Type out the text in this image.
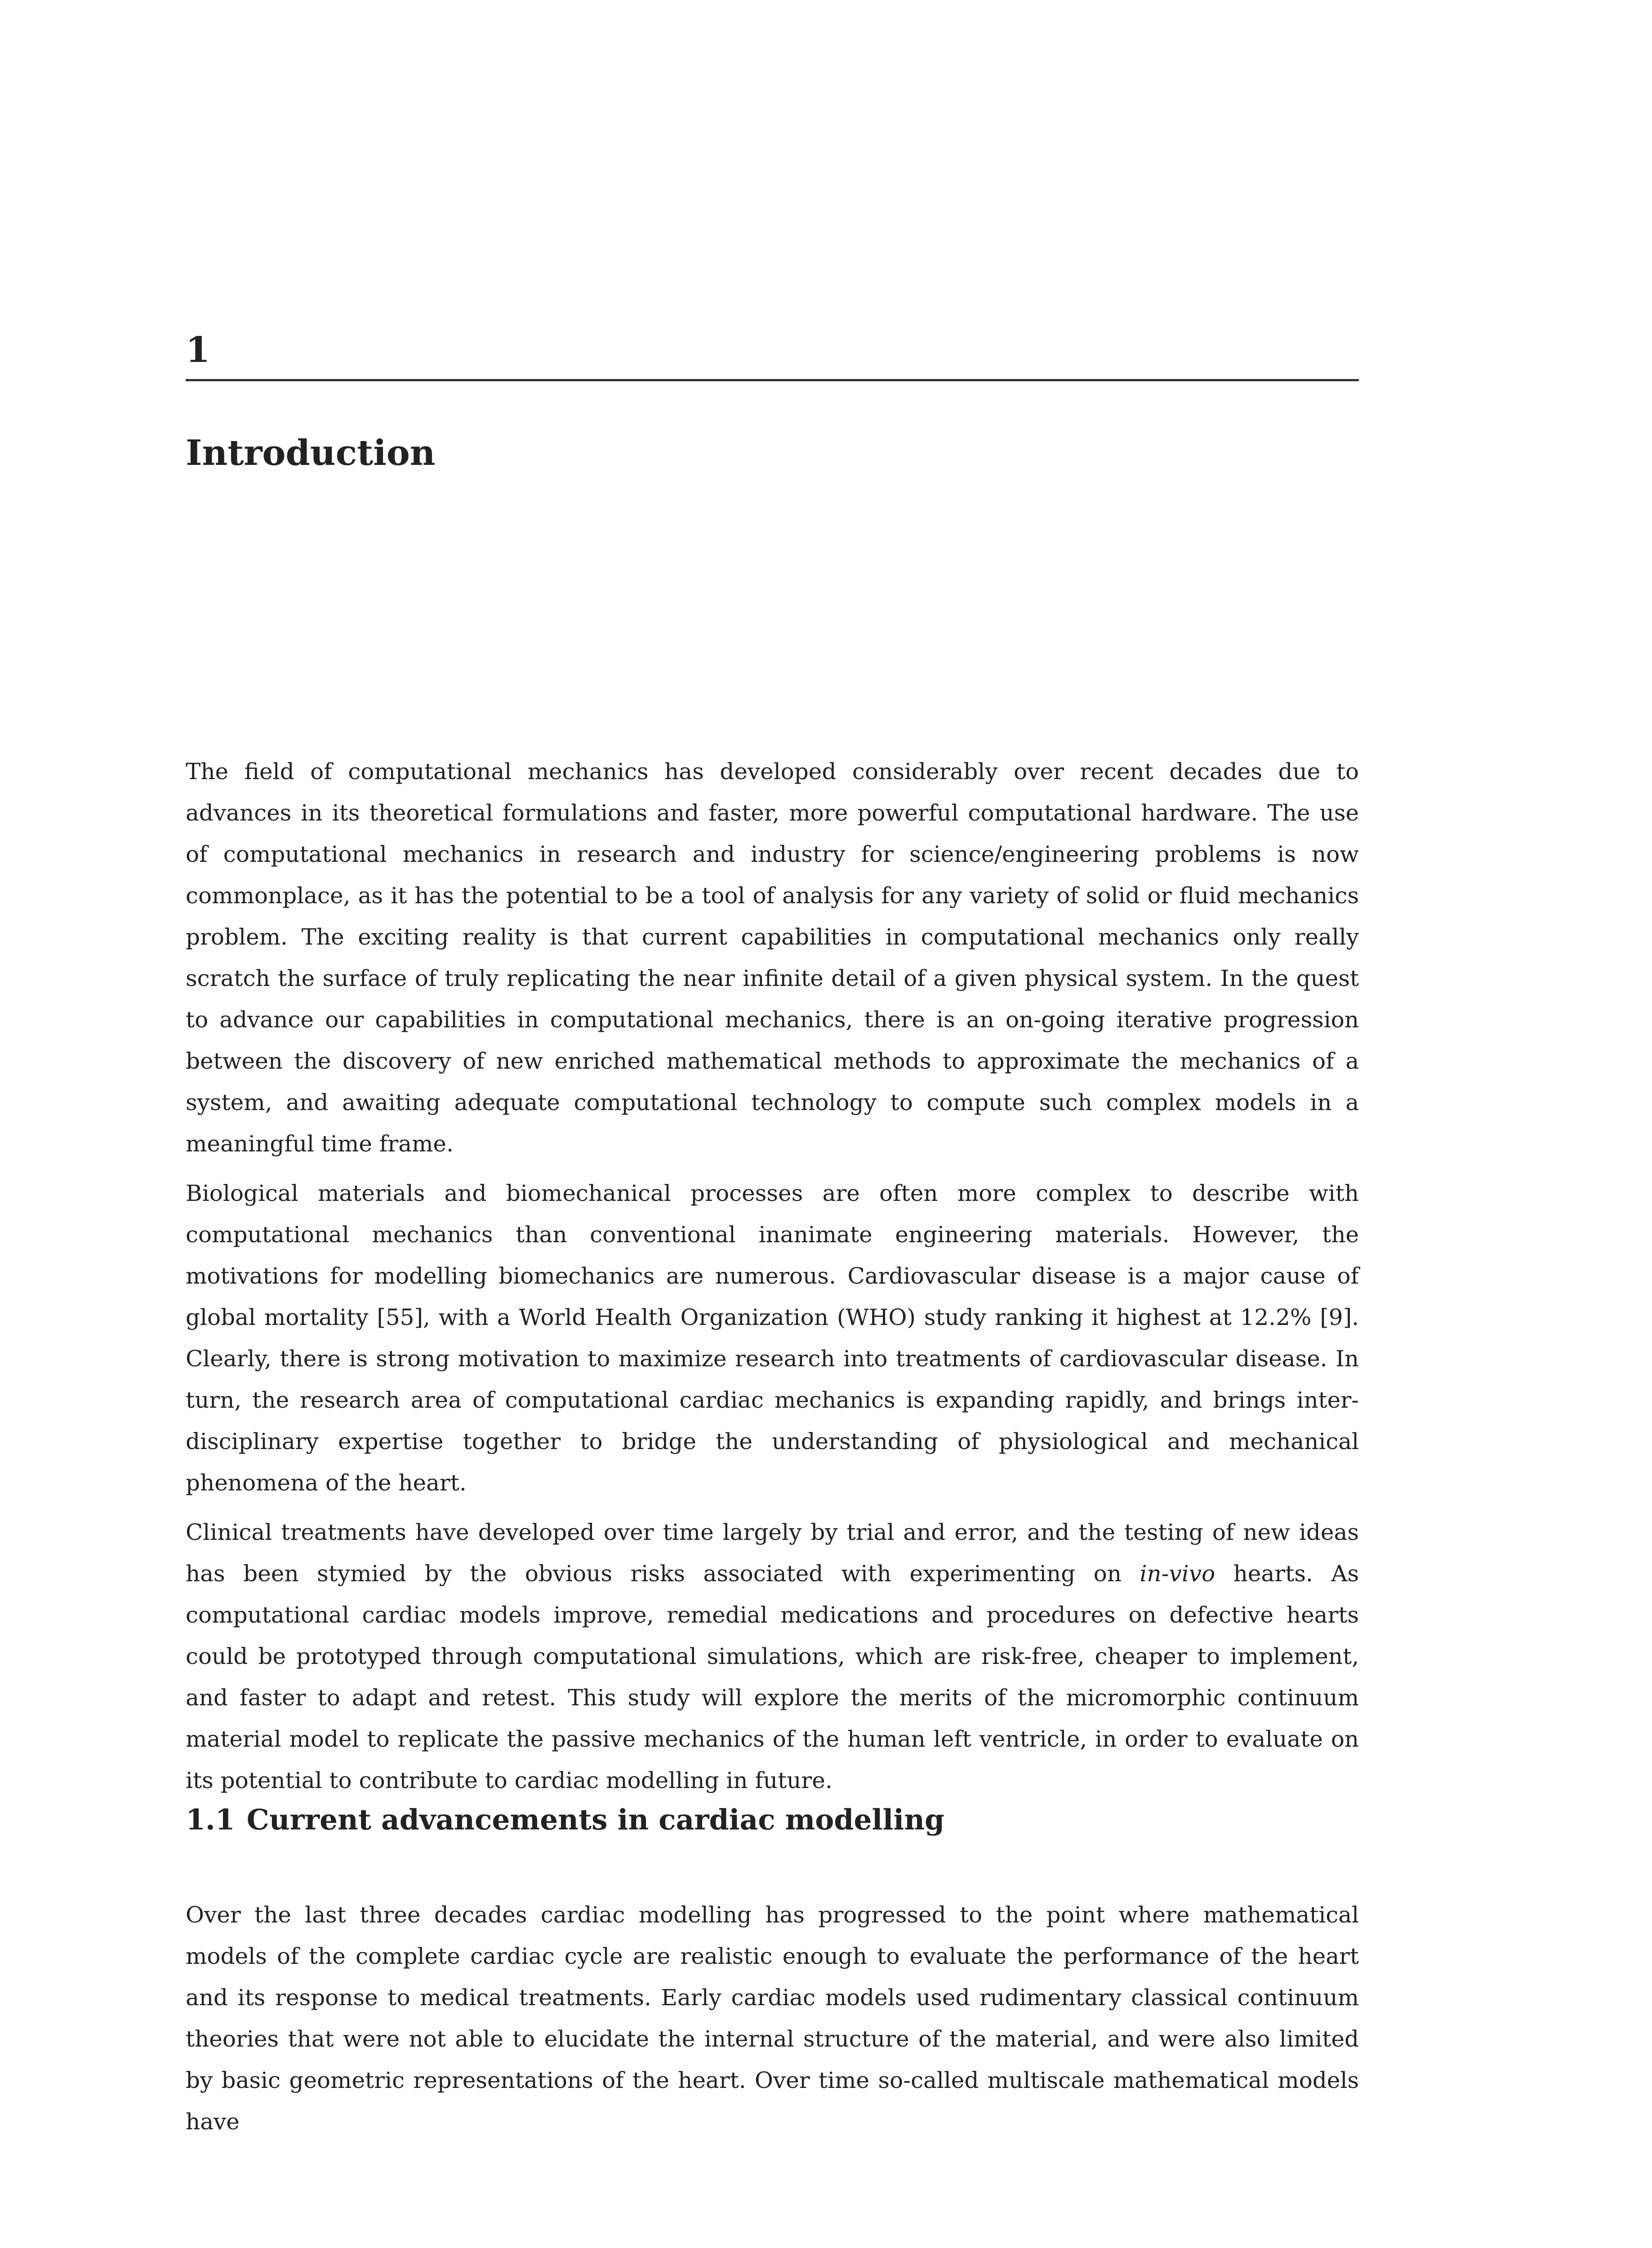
1
Introduction

The field of computational mechanics has developed considerably over recent decades due to advances in its theoretical formulations and faster, more powerful computational hardware. The use of computational mechanics in research and industry for science/engineering problems is now commonplace, as it has the potential to be a tool of analysis for any variety of solid or fluid mechanics problem. The exciting reality is that current capabilities in computational mechanics only really scratch the surface of truly replicating the near infinite detail of a given physical system. In the quest to advance our capabilities in computational mechanics, there is an on-going iterative progression between the discovery of new enriched mathematical methods to approximate the mechanics of a system, and awaiting adequate computational technology to compute such complex models in a meaningful time frame.

Biological materials and biomechanical processes are often more complex to describe with computational mechanics than conventional inanimate engineering materials. However, the motivations for modelling biomechanics are numerous. Cardiovascular disease is a major cause of global mortality [55], with a World Health Organization (WHO) study ranking it highest at 12.2% [9]. Clearly, there is strong motivation to maximize research into treatments of cardiovascular disease. In turn, the research area of computational cardiac mechanics is expanding rapidly, and brings inter-disciplinary expertise together to bridge the understanding of physiological and mechanical phenomena of the heart.

Clinical treatments have developed over time largely by trial and error, and the testing of new ideas has been stymied by the obvious risks associated with experimenting on in-vivo hearts. As computational cardiac models improve, remedial medications and procedures on defective hearts could be prototyped through computational simulations, which are risk-free, cheaper to implement, and faster to adapt and retest. This study will explore the merits of the micromorphic continuum material model to replicate the passive mechanics of the human left ventricle, in order to evaluate on its potential to contribute to cardiac modelling in future.

1.1 Current advancements in cardiac modelling

Over the last three decades cardiac modelling has progressed to the point where mathematical models of the complete cardiac cycle are realistic enough to evaluate the performance of the heart and its response to medical treatments. Early cardiac models used rudimentary classical continuum theories that were not able to elucidate the internal structure of the material, and were also limited by basic geometric representations of the heart. Over time so-called multiscale mathematical models have
